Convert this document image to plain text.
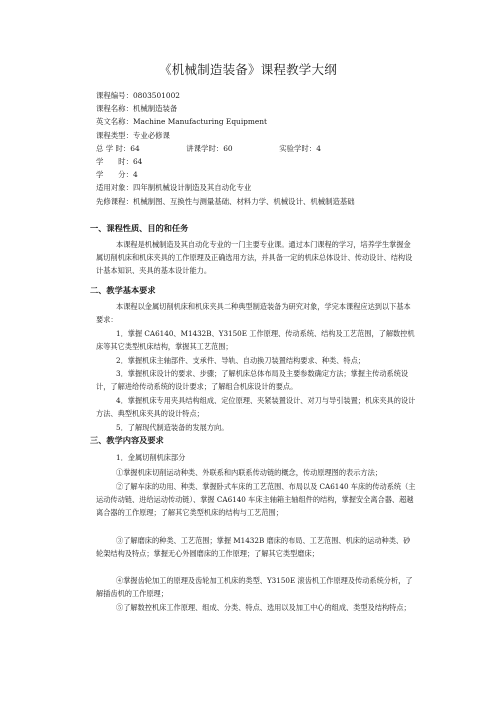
《机械制造装备》课程教学大纲
课程编号：0803501002
课程名称：机械制造装备
英文名称：Machine Manufacturing Equipment
课程类型：专业必修课
总 学 时：64	讲课学时：60	实验学时：4
学　　时：64
学　　分：4
适用对象：四年制机械设计制造及其自动化专业
先修课程：机械制图、互换性与测量基础、材料力学、机械设计、机械制造基础
一、课程性质、目的和任务
本课程是机械制造及其自动化专业的一门主要专业课。通过本门课程的学习，培养学生掌握金属切削机床和机床夹具的工作原理及正确选用方法，并具备一定的机床总体设计、传动设计、结构设计基本知识、夹具的基本设计能力。
二、教学基本要求
本课程以金属切削机床和机床夹具二种典型制造装备为研究对象，学完本课程应达到以下基本要求：
1．掌握 CA6140、M1432B、Y3150E 工作原理、传动系统、结构及工艺范围，了解数控机床等其它类型机床结构，掌握其工艺范围；
2．掌握机床主轴部件、支承件、导轨、自动换刀装置结构要求、种类、特点；
3．掌握机床设计的要求、步骤；了解机床总体布局及主要参数确定方法；掌握主传动系统设计，了解进给传动系统的设计要求；了解组合机床设计的要点。
4．掌握机床专用夹具结构组成、定位原理、夹紧装置设计、对刀与导引装置；机床夹具的设计方法、典型机床夹具的设计特点；
5．了解现代制造装备的发展方向。
三、教学内容及要求
1．金属切削机床部分
①掌握机床切削运动种类、外联系和内联系传动链的概念，传动原理图的表示方法；
②了解车床的功用、种类、掌握卧式车床的工艺范围、布局以及 CA6140 车床的传动系统（主运动传动链、进给运动传动链）、掌握 CA6140 车床主轴箱主轴组件的结构，掌握安全离合器、超越离合器的工作原理；了解其它类型机床的结构与工艺范围；
③了解磨床的种类、工艺范围；掌握 M1432B 磨床的布局、工艺范围、机床的运动种类、砂轮架结构及特点；掌握无心外圆磨床的工作原理；了解其它类型磨床；
④掌握齿轮加工的原理及齿轮加工机床的类型、Y3150E 滚齿机工作原理及传动系统分析，了解插齿机的工作原理；
⑤了解数控机床工作原理、组成、分类、特点、选用以及加工中心的组成、类型及结构特点；
